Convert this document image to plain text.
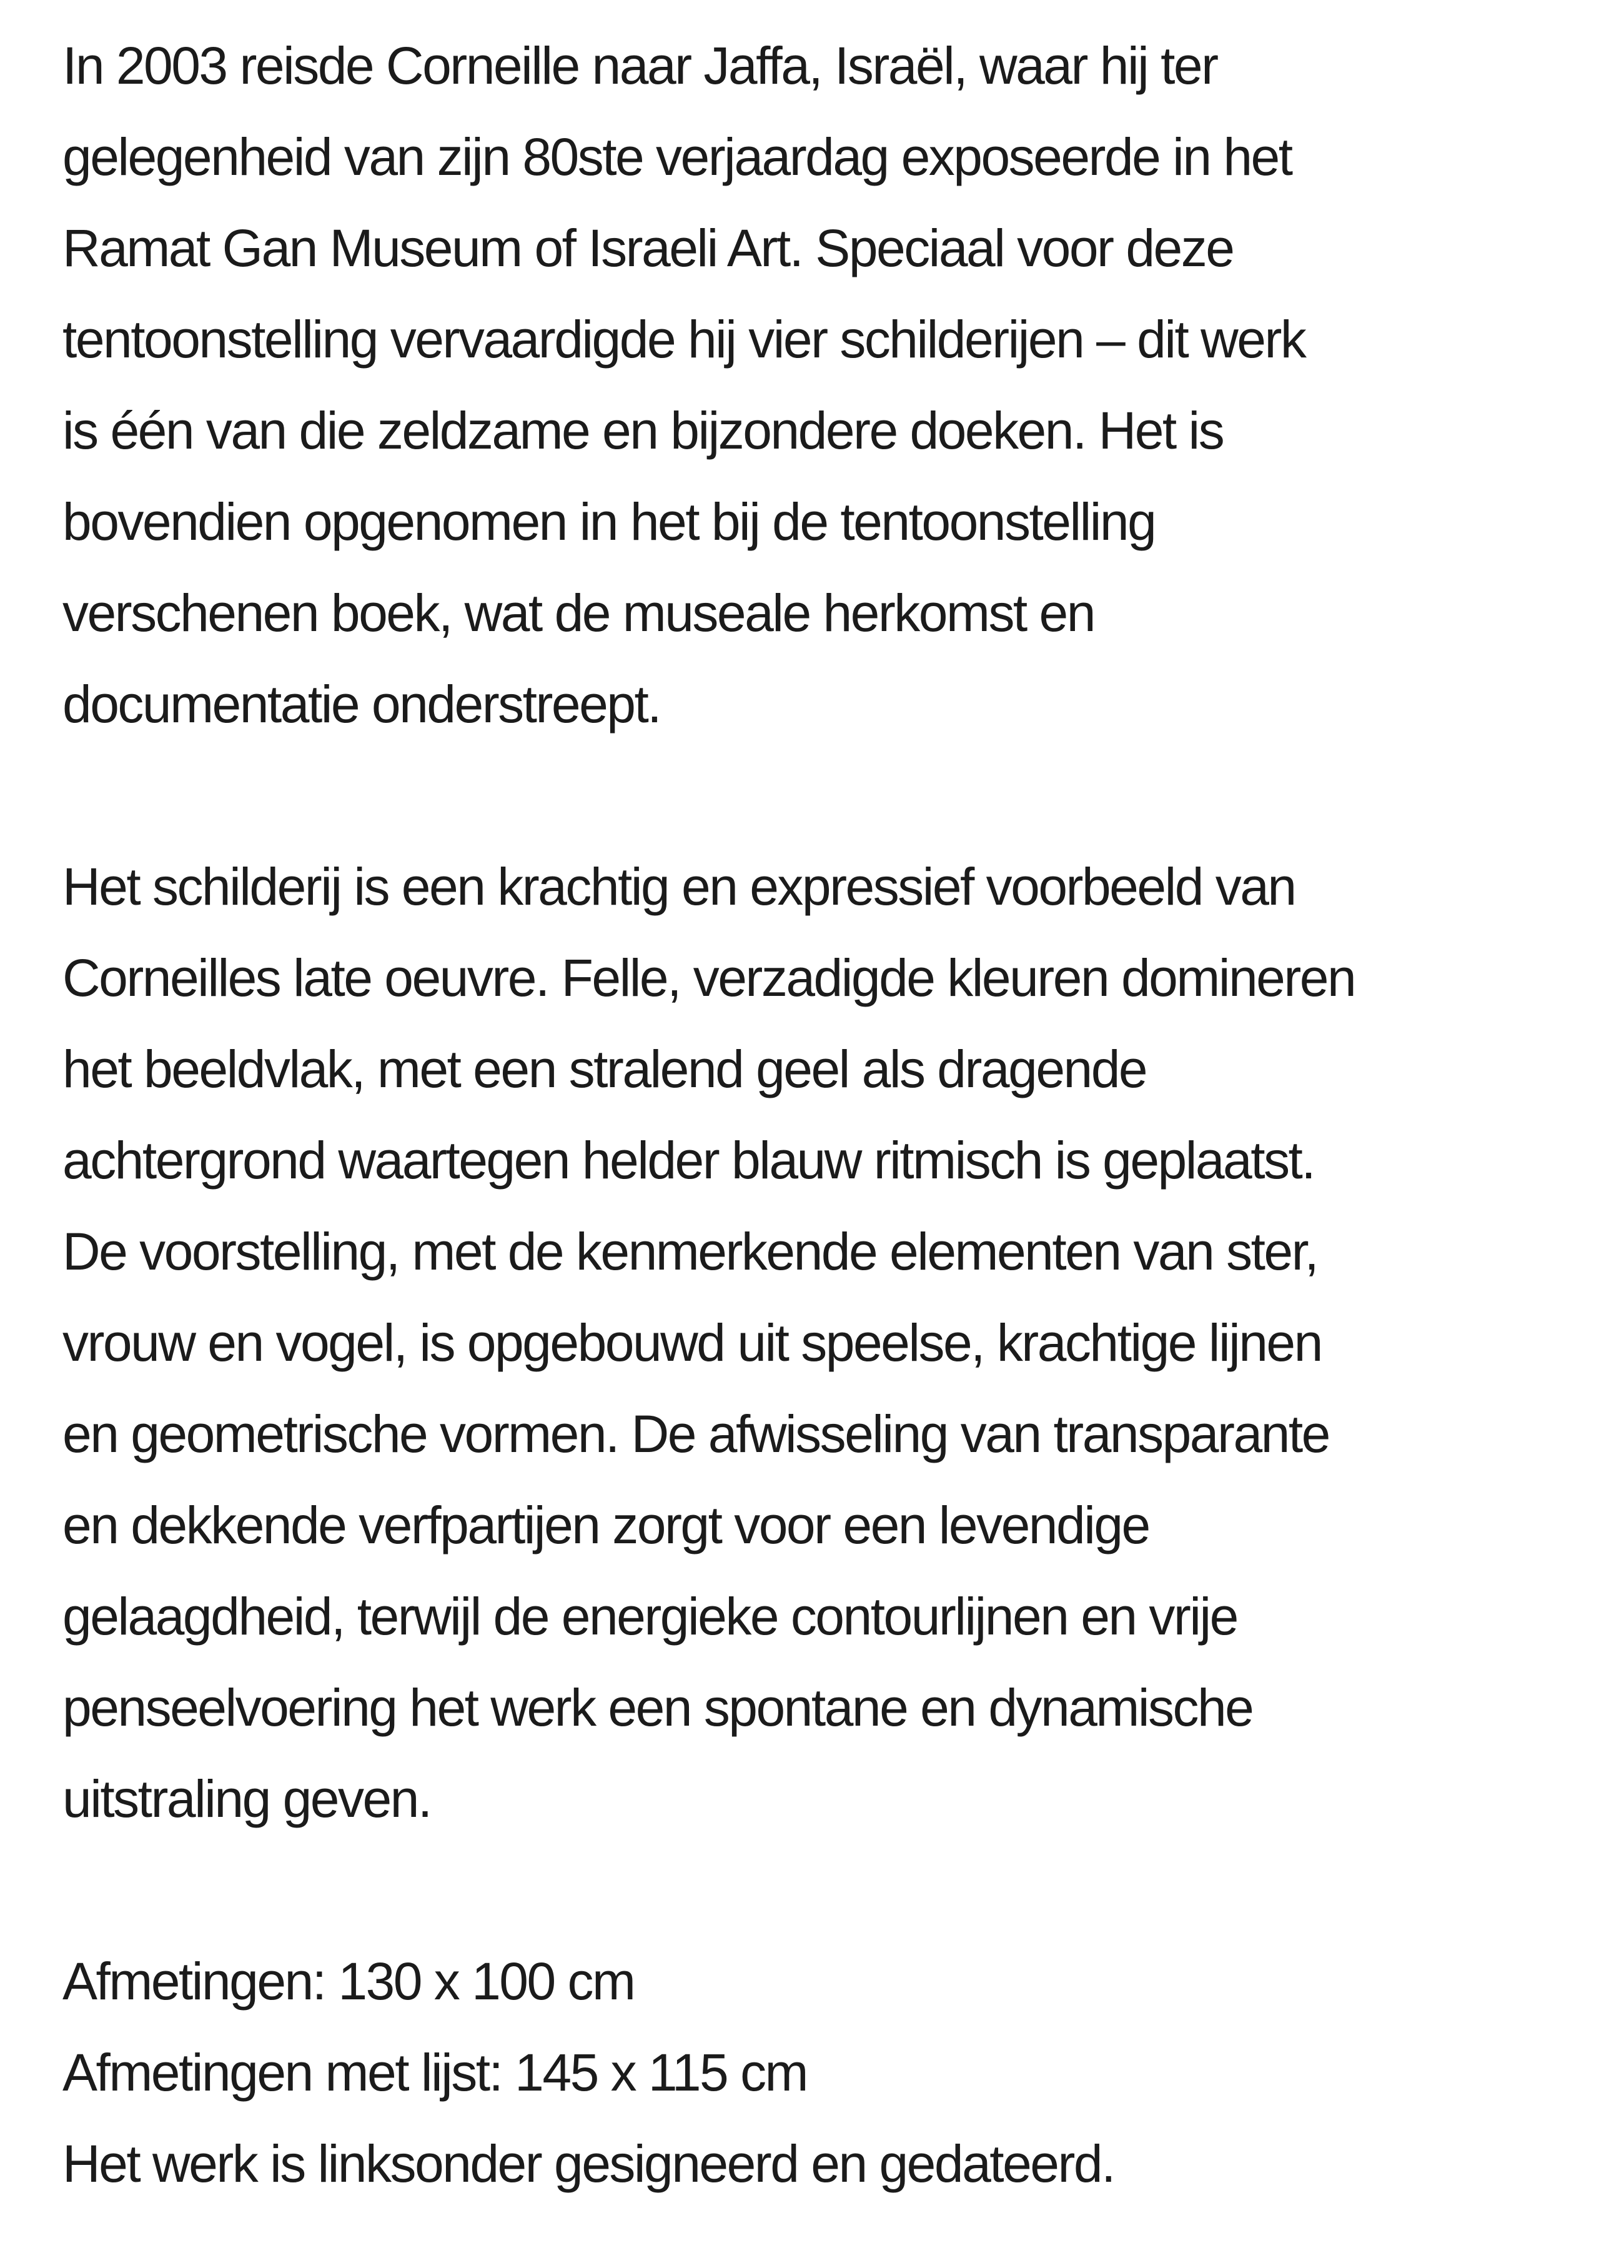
In 2003 reisde Corneille naar Jaffa, Israël, waar hij ter
gelegenheid van zijn 80ste verjaardag exposeerde in het
Ramat Gan Museum of Israeli Art. Speciaal voor deze
tentoonstelling vervaardigde hij vier schilderijen – dit werk
is één van die zeldzame en bijzondere doeken. Het is
bovendien opgenomen in het bij de tentoonstelling
verschenen boek, wat de museale herkomst en
documentatie onderstreept.

Het schilderij is een krachtig en expressief voorbeeld van
Corneilles late oeuvre. Felle, verzadigde kleuren domineren
het beeldvlak, met een stralend geel als dragende
achtergrond waartegen helder blauw ritmisch is geplaatst.
De voorstelling, met de kenmerkende elementen van ster,
vrouw en vogel, is opgebouwd uit speelse, krachtige lijnen
en geometrische vormen. De afwisseling van transparante
en dekkende verfpartijen zorgt voor een levendige
gelaagdheid, terwijl de energieke contourlijnen en vrije
penseelvoering het werk een spontane en dynamische
uitstraling geven.

Afmetingen: 130 x 100 cm
Afmetingen met lijst: 145 x 115 cm
Het werk is linksonder gesigneerd en gedateerd.
